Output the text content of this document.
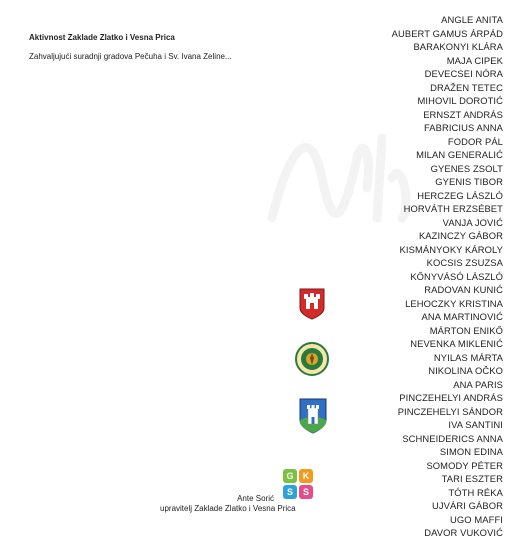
Aktivnost Zaklade Zlatko i Vesna Prica

Zahvaljujući suradnji gradova Pečuha i Sv. Ivana Zeline...

Ante Sorić
upravitelj Zaklade Zlatko i Vesna Prica
G	K
S	S
ANGLE ANITA
AUBERT GAMUS ÁRPÁD
BARAKONYI KLÁRA
MAJA CIPEK
DEVECSEI NÓRA
DRAŽEN TETEC
MIHOVIL DOROTIĆ
ERNSZT ANDRÁS
FABRICIUS ANNA
FODOR PÁL
MILAN GENERALIĆ
GYENES ZSOLT
GYENIS TIBOR
HERCZEG LÁSZLÓ
HORVÁTH ERZSÉBET
VANJA JOVIĆ
KAZINCZY GÁBOR
KISMÁNYOKY KÁROLY
KOCSIS ZSUZSA
KŐNYVÁSÓ LÁSZLÓ
RADOVAN KUNIĆ
LEHOCZKY KRISTINA
ANA MARTINOVIĆ
MÁRTON ENIKŐ
NEVENKA MIKLENIĆ
NYILAS MÁRTA
NIKOLINA OČKO
ANA PARIS
PINCZEHELYI ANDRÁS
PINCZEHELYI SÁNDOR
IVA SANTINI
SCHNEIDERICS ANNA
SIMON EDINA
SOMODY PÉTER
TARI ESZTER
TÓTH RÉKA
UJVÁRI GÁBOR
UGO MAFFI
DAVOR VUKOVIĆ
